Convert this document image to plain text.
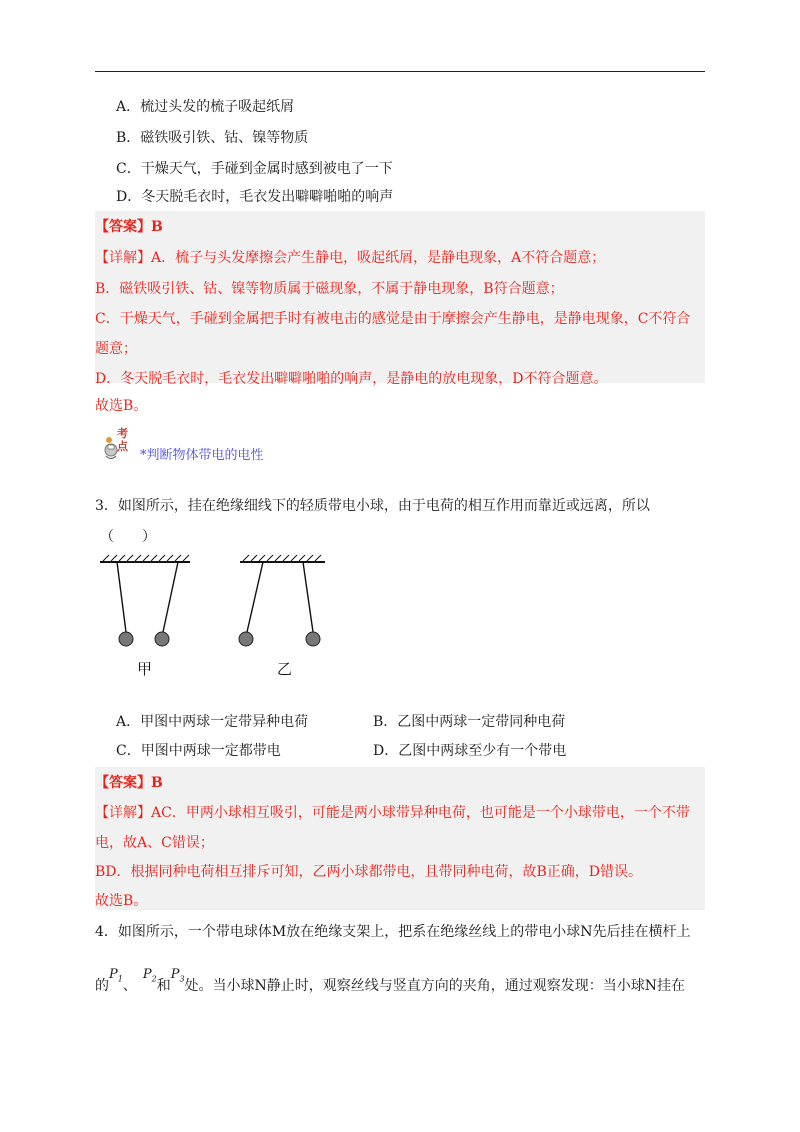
A．梳过头发的梳子吸起纸屑
B．磁铁吸引铁、钴、镍等物质
C．干燥天气，手碰到金属时感到被电了一下
D．冬天脱毛衣时，毛衣发出噼噼啪啪的响声
【答案】B
【详解】A．梳子与头发摩擦会产生静电，吸起纸屑，是静电现象，A不符合题意；
B．磁铁吸引铁、钴、镍等物质属于磁现象，不属于静电现象，B符合题意；
C．干燥天气，手碰到金属把手时有被电击的感觉是由于摩擦会产生静电，是静电现象，C不符合
题意；
D．冬天脱毛衣时，毛衣发出噼噼啪啪的响声，是静电的放电现象，D不符合题意。
故选B。
考点
*判断物体带电的电性
3．如图所示，挂在绝缘细线下的轻质带电小球，由于电荷的相互作用而靠近或远离，所以
（　　）
甲	乙
A．甲图中两球一定带异种电荷	B．乙图中两球一定带同种电荷
C．甲图中两球一定都带电	D．乙图中两球至少有一个带电
【答案】B
【详解】AC．甲两小球相互吸引，可能是两小球带异种电荷，也可能是一个小球带电，一个不带
电，故A、C错误；
BD．根据同种电荷相互排斥可知，乙两小球都带电，且带同种电荷，故B正确，D错误。
故选B。
4．如图所示，一个带电球体M放在绝缘支架上，把系在绝缘丝线上的带电小球N先后挂在横杆上
的$P_1$、$P_2$和$P_3$处。当小球N静止时，观察丝线与竖直方向的夹角，通过观察发现：当小球N挂在
